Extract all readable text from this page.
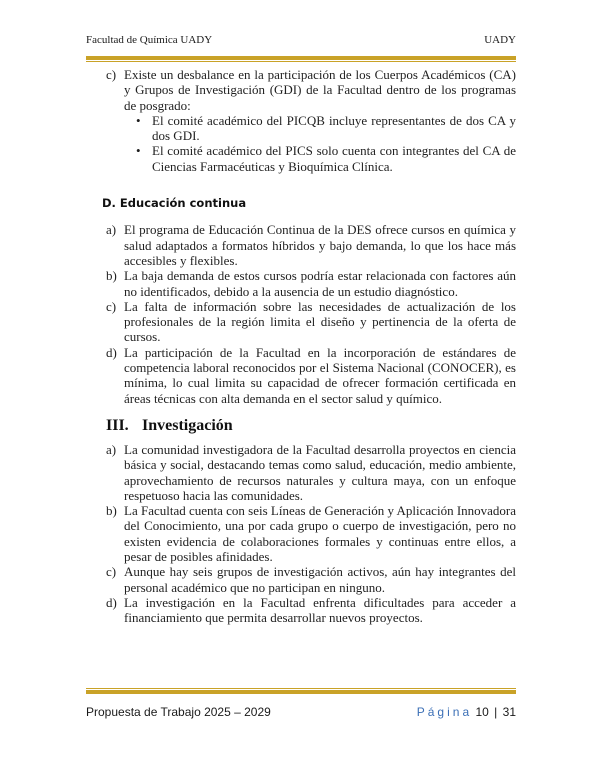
Facultad de Química UADY	UADY
c) Existe un desbalance en la participación de los Cuerpos Académicos (CA) y Grupos de Investigación (GDI) de la Facultad dentro de los programas de posgrado:
• El comité académico del PICQB incluye representantes de dos CA y dos GDI.
• El comité académico del PICS solo cuenta con integrantes del CA de Ciencias Farmacéuticas y Bioquímica Clínica.
D. Educación continua
a) El programa de Educación Continua de la DES ofrece cursos en química y salud adaptados a formatos híbridos y bajo demanda, lo que los hace más accesibles y flexibles.
b) La baja demanda de estos cursos podría estar relacionada con factores aún no identificados, debido a la ausencia de un estudio diagnóstico.
c) La falta de información sobre las necesidades de actualización de los profesionales de la región limita el diseño y pertinencia de la oferta de cursos.
d) La participación de la Facultad en la incorporación de estándares de competencia laboral reconocidos por el Sistema Nacional (CONOCER), es mínima, lo cual limita su capacidad de ofrecer formación certificada en áreas técnicas con alta demanda en el sector salud y químico.
III. Investigación
a) La comunidad investigadora de la Facultad desarrolla proyectos en ciencia básica y social, destacando temas como salud, educación, medio ambiente, aprovechamiento de recursos naturales y cultura maya, con un enfoque respetuoso hacia las comunidades.
b) La Facultad cuenta con seis Líneas de Generación y Aplicación Innovadora del Conocimiento, una por cada grupo o cuerpo de investigación, pero no existen evidencia de colaboraciones formales y continuas entre ellos, a pesar de posibles afinidades.
c) Aunque hay seis grupos de investigación activos, aún hay integrantes del personal académico que no participan en ninguno.
d) La investigación en la Facultad enfrenta dificultades para acceder a financiamiento que permita desarrollar nuevos proyectos.
Propuesta de Trabajo 2025 – 2029	Página 10 | 31
